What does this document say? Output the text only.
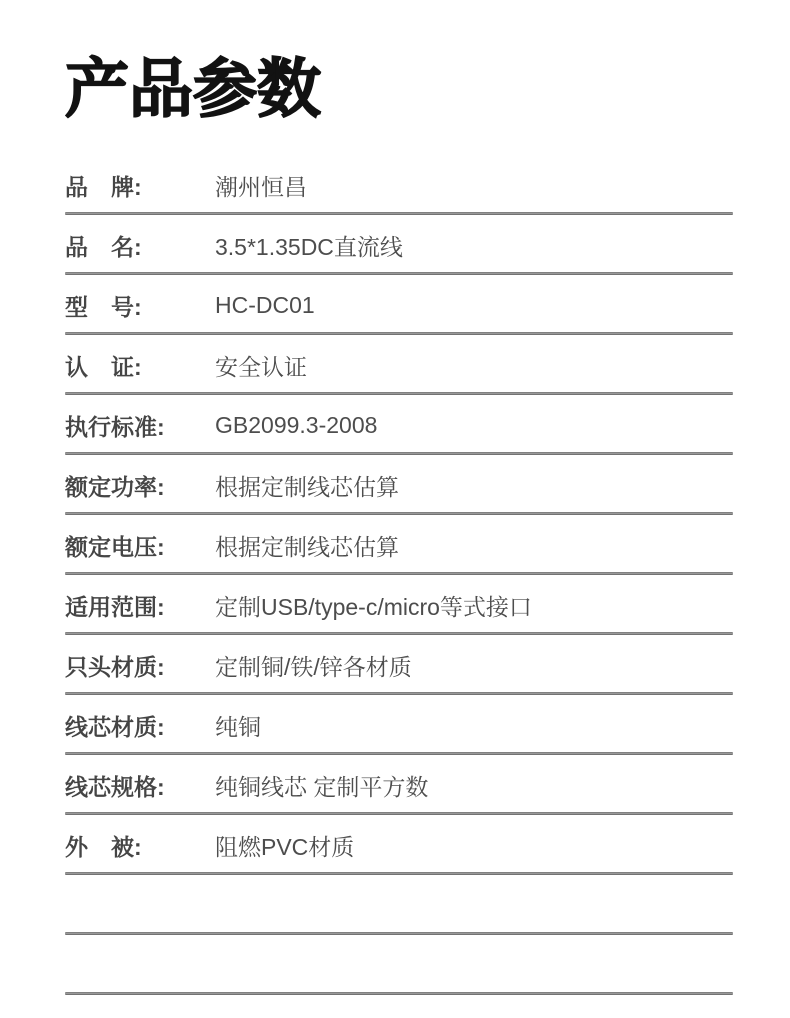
产品参数
品　牌:	潮州恒昌
品　名:	3.5*1.35DC直流线
型　号:	HC-DC01
认　证:	安全认证
执行标准:	GB2099.3-2008
额定功率:	根据定制线芯估算
额定电压:	根据定制线芯估算
适用范围:	定制USB/type-c/micro等式接口
只头材质:	定制铜/铁/锌各材质
线芯材质:	纯铜
线芯规格:	纯铜线芯 定制平方数
外　被:	阻燃PVC材质
